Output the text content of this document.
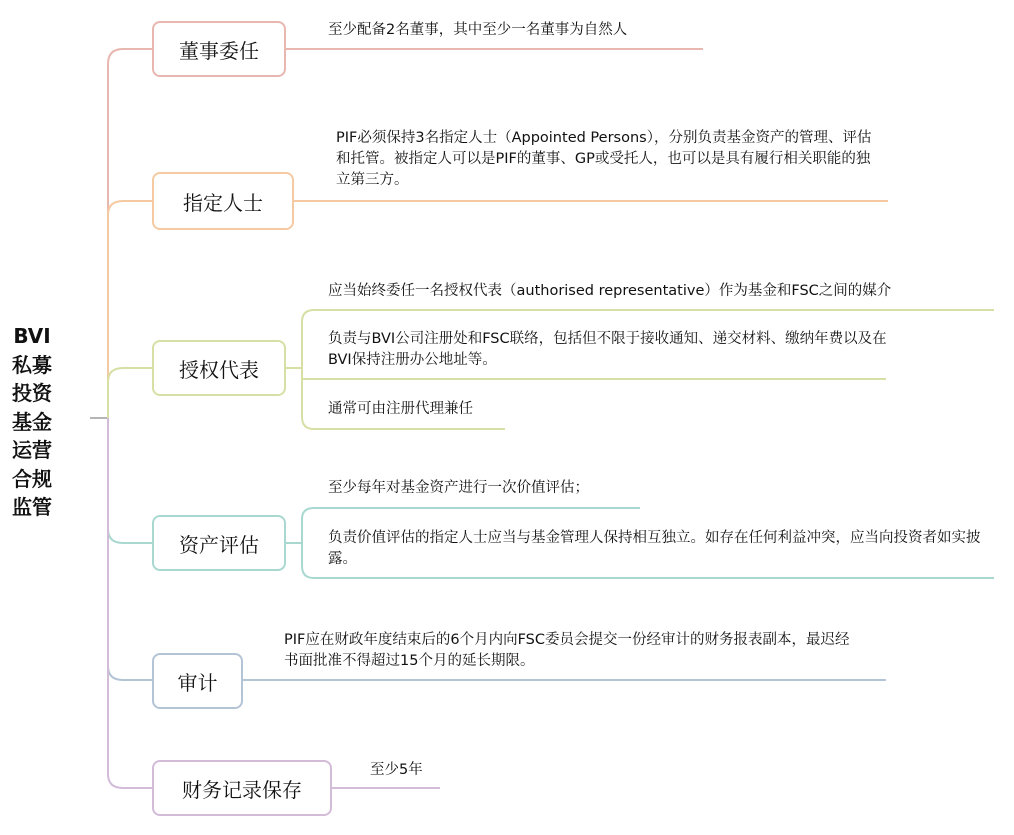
BVI
私募
投资
基金
运营
合规
监管
董事委任
指定人士
授权代表
资产评估
审计
财务记录保存
至少配备2名董事，其中至少一名董事为自然人
PIF必须保持3名指定人士（Appointed Persons），分别负责基金资产的管理、评估和托管。被指定人可以是PIF的董事、GP或受托人，也可以是具有履行相关职能的独立第三方。
应当始终委任一名授权代表（authorised representative）作为基金和FSC之间的媒介
负责与BVI公司注册处和FSC联络，包括但不限于接收通知、递交材料、缴纳年费以及在BVI保持注册办公地址等。
通常可由注册代理兼任
至少每年对基金资产进行一次价值评估；
负责价值评估的指定人士应当与基金管理人保持相互独立。如存在任何利益冲突，应当向投资者如实披露。
PIF应在财政年度结束后的6个月内向FSC委员会提交一份经审计的财务报表副本，最迟经书面批准不得超过15个月的延长期限。
至少5年
